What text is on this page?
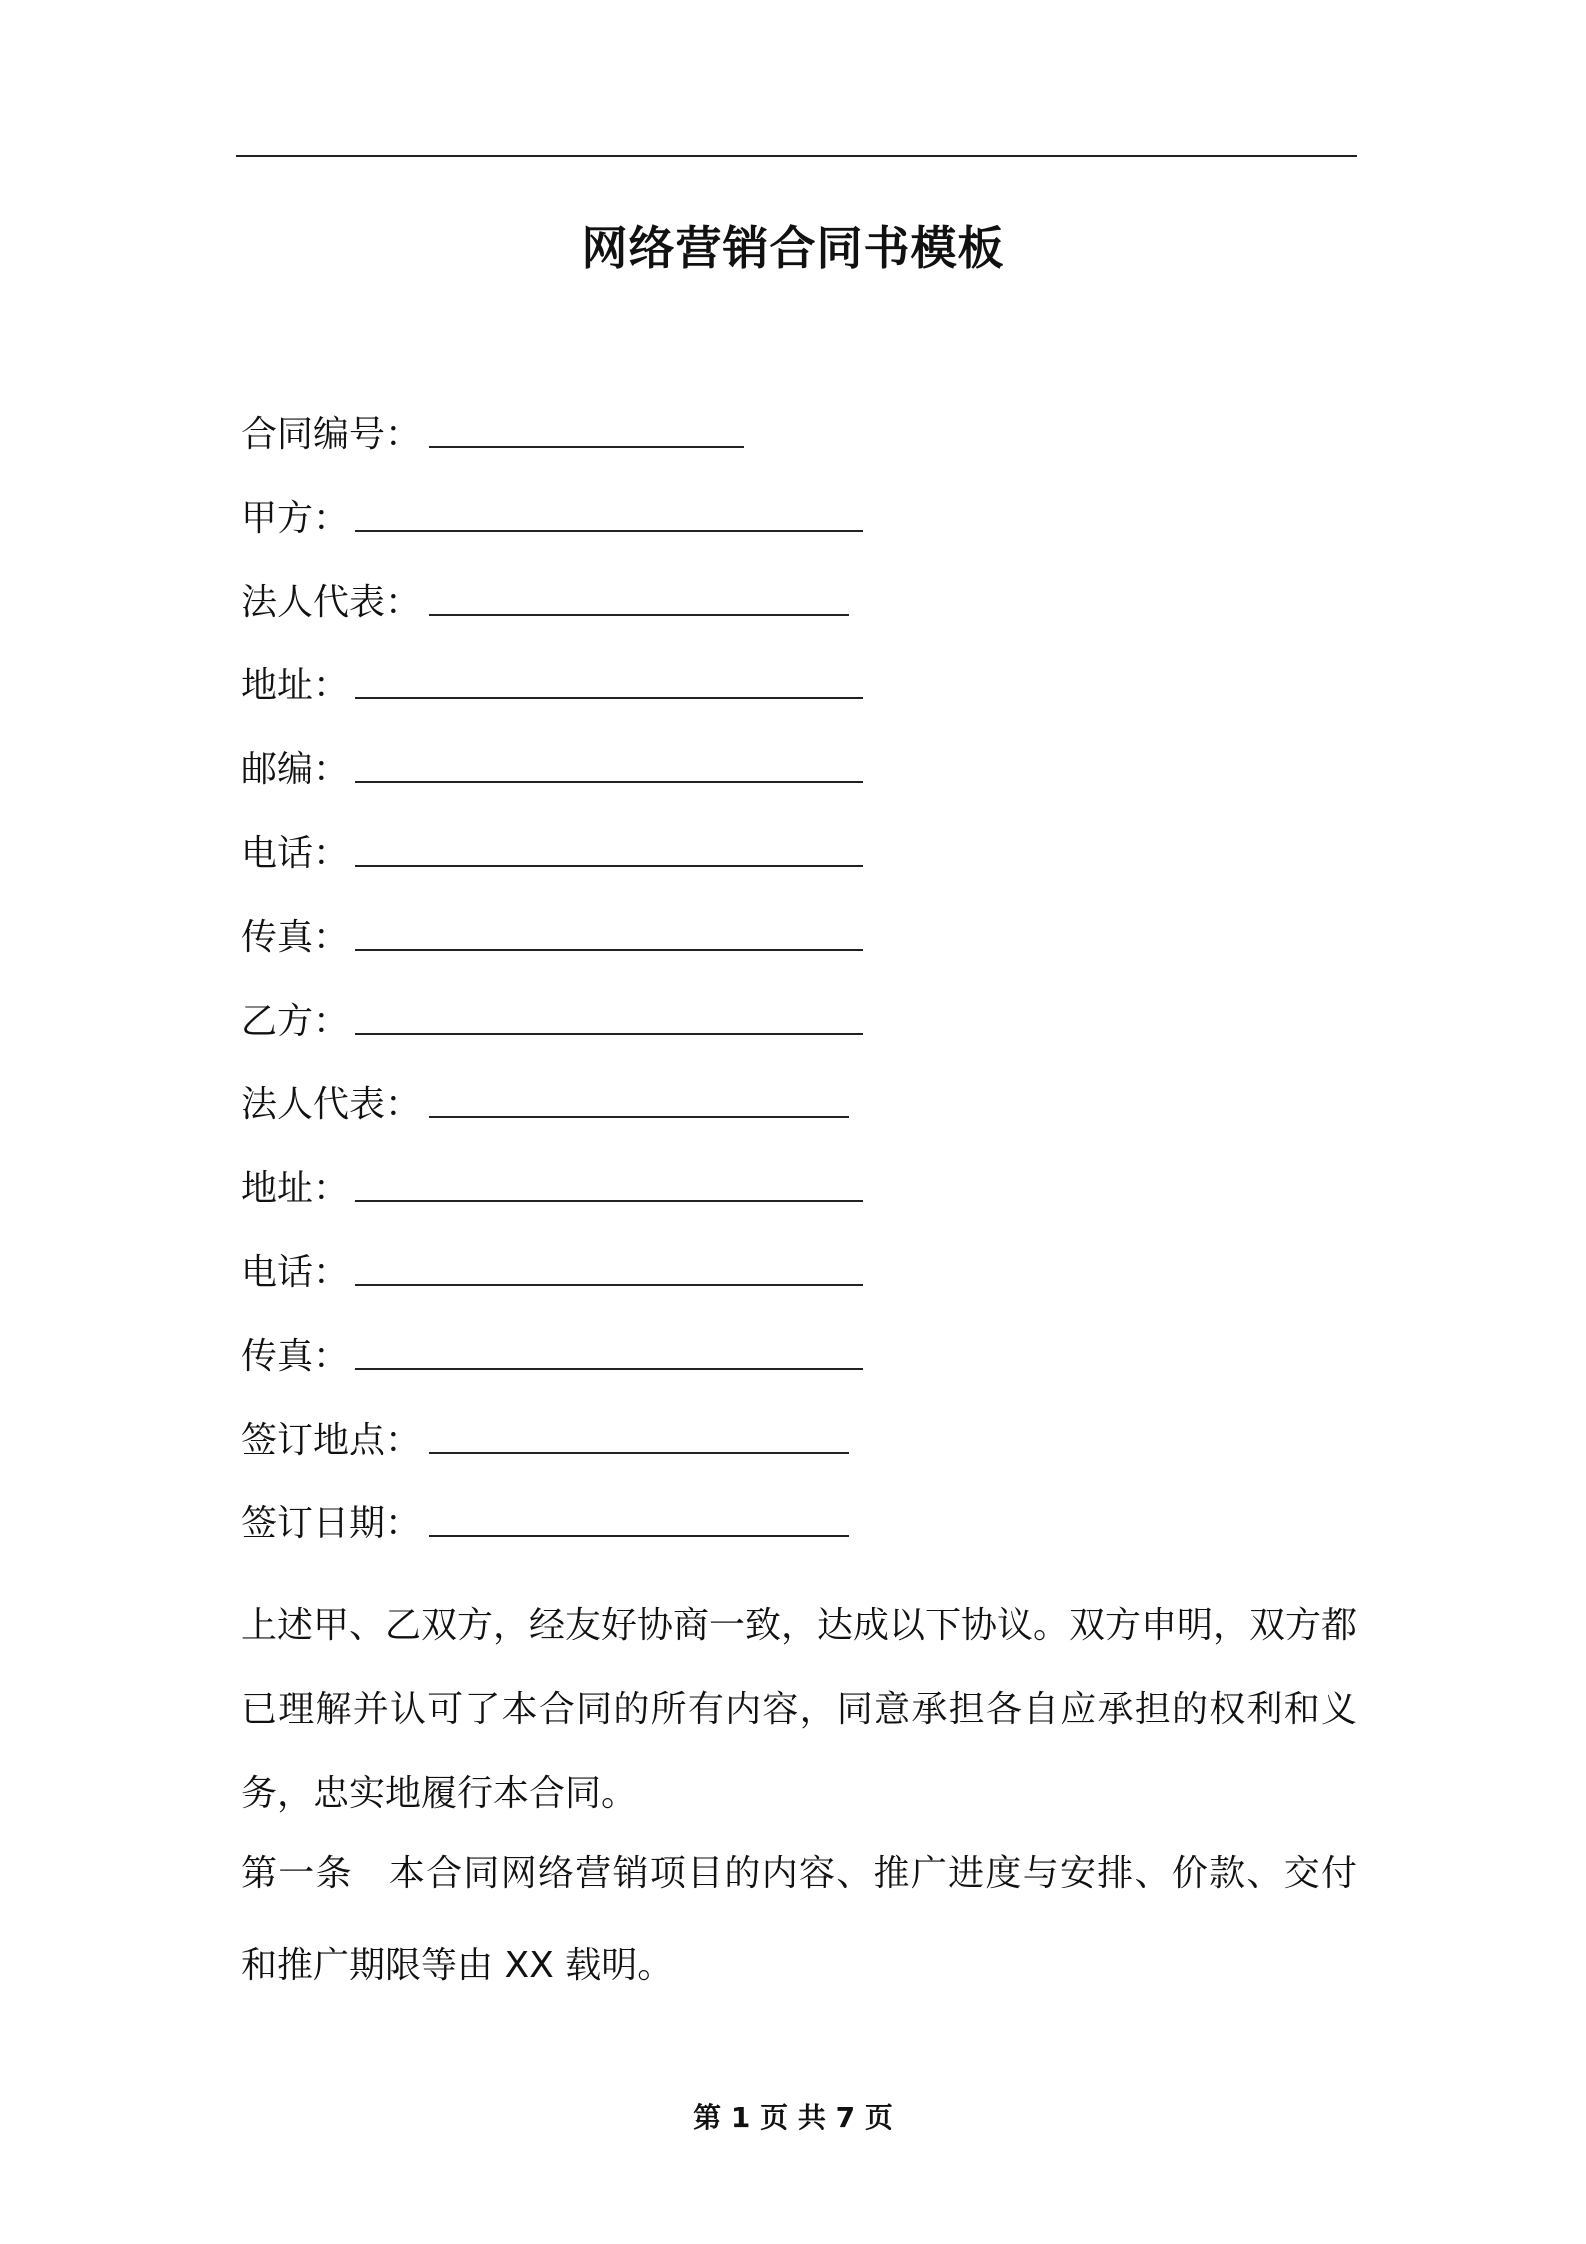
网络营销合同书模板
合同编号：
甲方：
法人代表：
地址：
邮编：
电话：
传真：
乙方：
法人代表：
地址：
电话：
传真：
签订地点：
签订日期：
上述甲、乙双方，经友好协商一致，达成以下协议。双方申明，双方都已理解并认可了本合同的所有内容，同意承担各自应承担的权利和义务，忠实地履行本合同。
第一条 本合同网络营销项目的内容、推广进度与安排、价款、交付和推广期限等由 XX 载明。
第 1 页 共 7 页
